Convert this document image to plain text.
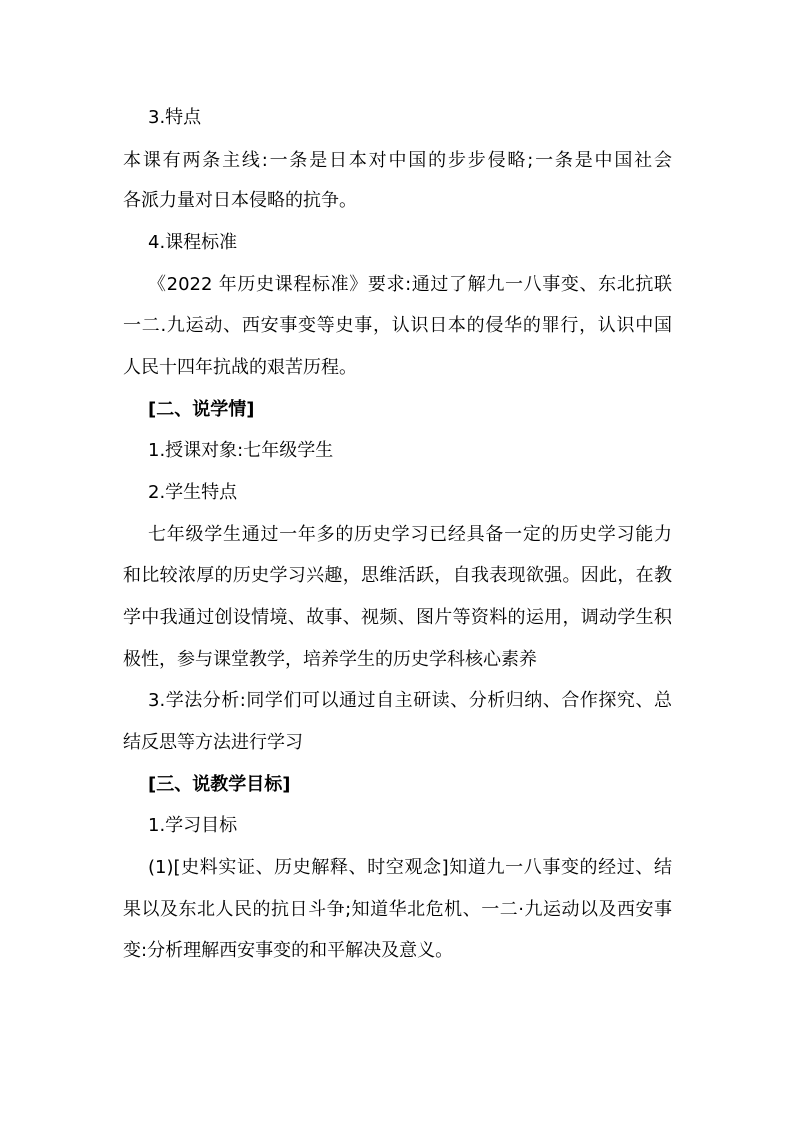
3.特点
本课有两条主线:一条是日本对中国的步步侵略;一条是中国社会
各派力量对日本侵略的抗争。
4.课程标准
《2022 年历史课程标准》要求:通过了解九一八事变、东北抗联
一二.九运动、西安事变等史事，认识日本的侵华的罪行，认识中国
人民十四年抗战的艰苦历程。
[二、说学情]
1.授课对象:七年级学生
2.学生特点
七年级学生通过一年多的历史学习已经具备一定的历史学习能力
和比较浓厚的历史学习兴趣，思维活跃，自我表现欲强。因此，在教
学中我通过创设情境、故事、视频、图片等资料的运用，调动学生积
极性，参与课堂教学，培养学生的历史学科核心素养
3.学法分析:同学们可以通过自主研读、分析归纳、合作探究、总
结反思等方法进行学习
[三、说教学目标]
1.学习目标
(1)[史料实证、历史解释、时空观念]知道九一八事变的经过、结
果以及东北人民的抗日斗争;知道华北危机、一二·九运动以及西安事
变:分析理解西安事变的和平解决及意义。
